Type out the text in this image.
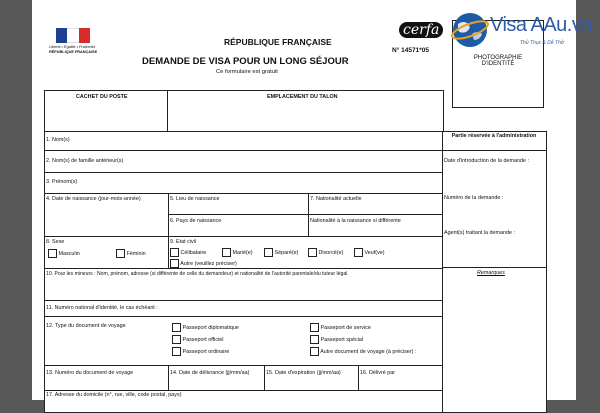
Liberté • Égalité • Fraternité
RÉPUBLIQUE FRANÇAISE
RÉPUBLIQUE FRANÇAISE
DEMANDE DE VISA POUR UN LONG SÉJOUR
Ce formulaire est gratuit
cerfa
N° 14571*05
PHOTOGRAPHIE D'IDENTITÉ
Visa AAu.vn
Thủ Thục & Dễ Thở
CACHET DU POSTE	EMPLACEMENT DU TALON
Partie réservée à l'administration
Date d'introduction de la demande :
Numéro de la demande :
Agent(s) traitant la demande :
Remarques
1. Nom(s)
2. Nom(s) de famille antérieur(s)
3. Prénom(s)
4. Date de naissance (jour-mois-année)	5. Lieu de naissance
6. Pays de naissance
7. Nationalité actuelle
Nationalité à la naissance si différente
8. Sexe
Masculin	Féminin
9. Etat civil
Célibataire	Marié(e)	Séparé(e)	Divorcé(e)	Veuf(ve)
Autre (veuillez préciser)
10. Pour les mineurs : Nom, prénom, adresse (si différente de celle du demandeur) et nationalité de l'autorité parentale/du tuteur légal
11. Numéro national d'identité, le cas échéant :
12. Type du document de voyage	Passeport diplomatique
Passeport officiel
Passeport ordinaire
Passeport de service
Passeport spécial
Autre document de voyage (à préciser) :
13. Numéro du document de voyage	14. Date de délivrance (jj/mm/aa)	15. Date d'expiration (jj/mm/aa)	16. Délivré par
17. Adresse du domicile (n°, rue, ville, code postal, pays)
